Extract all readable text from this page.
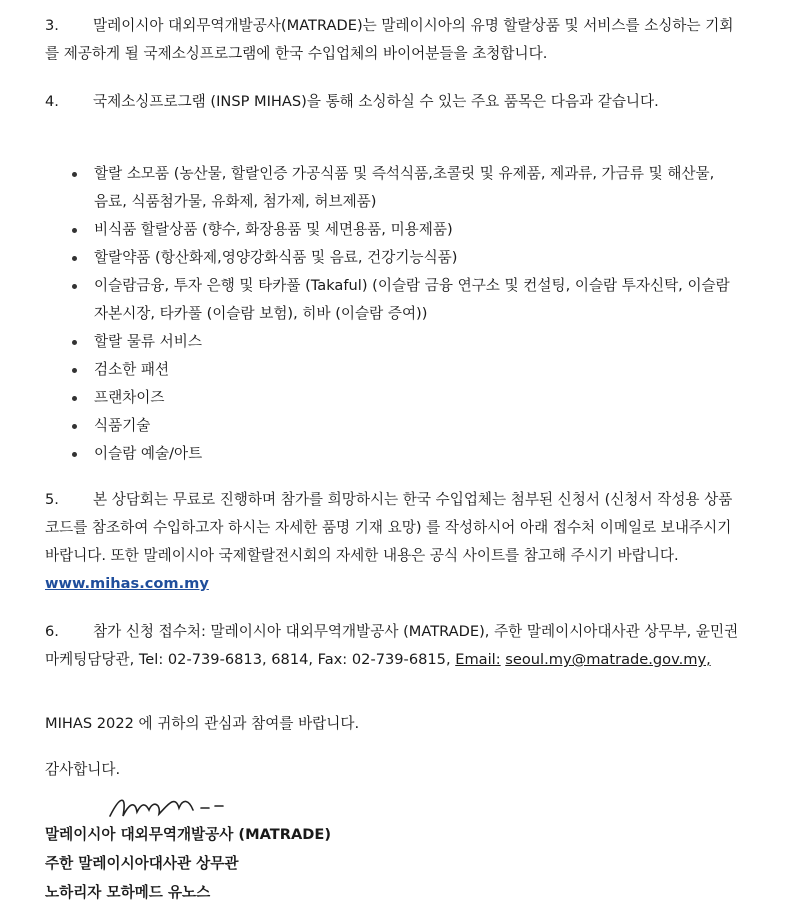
3. 말레이시아 대외무역개발공사(MATRADE)는 말레이시아의 유명 할랄상품 및 서비스를 소싱하는 기회를 제공하게 될 국제소싱프로그램에 한국 수입업체의 바이어분들을 초청합니다.

4. 국제소싱프로그램 (INSP MIHAS)을 통해 소싱하실 수 있는 주요 품목은 다음과 같습니다.

할랄 소모품 (농산물, 할랄인증 가공식품 및 즉석식품,초콜릿 및 유제품, 제과류, 가금류 및 해산물, 음료, 식품첨가물, 유화제, 첨가제, 허브제품)
비식품 할랄상품 (향수, 화장용품 및 세면용품, 미용제품)
할랄약품 (항산화제,영양강화식품 및 음료, 건강기능식품)
이슬람금융, 투자 은행 및 타카풀 (Takaful) (이슬람 금융 연구소 및 컨설팅, 이슬람 투자신탁, 이슬람 자본시장, 타카풀 (이슬람 보험), 히바 (이슬람 증여))
할랄 물류 서비스
검소한 패션
프랜차이즈
식품기술
이슬람 예술/아트

5. 본 상담회는 무료로 진행하며 참가를 희망하시는 한국 수입업체는 첨부된 신청서 (신청서 작성용 상품코드를 참조하여 수입하고자 하시는 자세한 품명 기재 요망) 를 작성하시어 아래 접수처 이메일로 보내주시기 바랍니다. 또한 말레이시아 국제할랄전시회의 자세한 내용은 공식 사이트를 참고해 주시기 바랍니다. www.mihas.com.my

6. 참가 신청 접수처: 말레이시아 대외무역개발공사 (MATRADE), 주한 말레이시아대사관 상무부, 윤민권 마케팅담당관, Tel: 02-739-6813, 6814, Fax: 02-739-6815, Email: seoul.my@matrade.gov.my,

MIHAS 2022 에 귀하의 관심과 참여를 바랍니다.

감사합니다.

말레이시아 대외무역개발공사 (MATRADE)
주한 말레이시아대사관 상무관
노하리자 모하메드 유노스
